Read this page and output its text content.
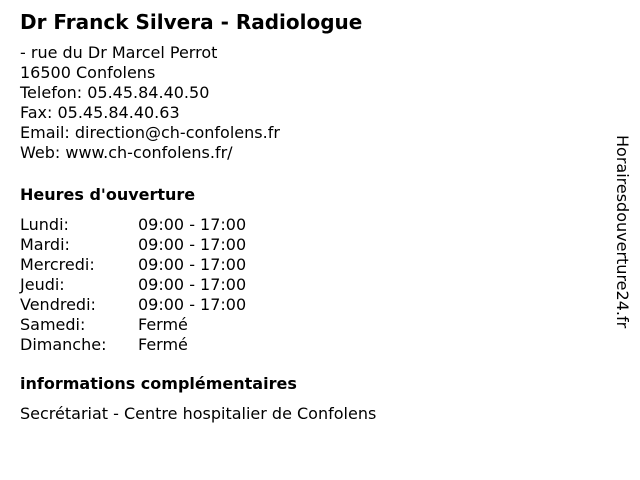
Dr Franck Silvera - Radiologue
- rue du Dr Marcel Perrot
16500 Confolens
Telefon: 05.45.84.40.50
Fax: 05.45.84.40.63
Email: direction@ch-confolens.fr
Web: www.ch-confolens.fr/
Heures d'ouverture
Lundi:	09:00 - 17:00
Mardi:	09:00 - 17:00
Mercredi:	09:00 - 17:00
Jeudi:	09:00 - 17:00
Vendredi:	09:00 - 17:00
Samedi:	Fermé
Dimanche:	Fermé
informations complémentaires
Secrétariat - Centre hospitalier de Confolens
Horairesdouverture24.fr
